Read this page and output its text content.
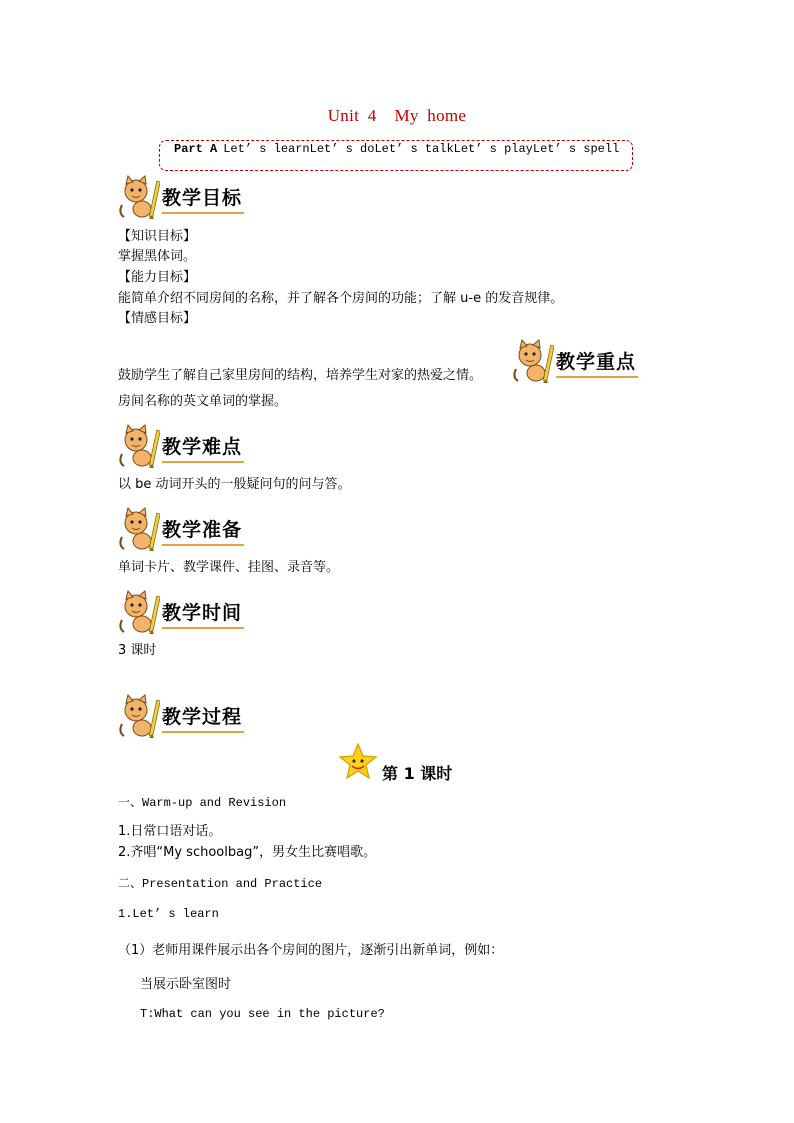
Unit 4 My home
Part A Let’ s learnLet’ s doLet’ s talkLet’ s playLet’ s spell
教学目标
【知识目标】
掌握黑体词。
【能力目标】
能简单介绍不同房间的名称，并了解各个房间的功能；了解 u-e 的发音规律。
【情感目标】
鼓励学生了解自己家里房间的结构，培养学生对家的热爱之情。
教学重点
房间名称的英文单词的掌握。
教学难点
以 be 动词开头的一般疑问句的问与答。
教学准备
单词卡片、教学课件、挂图、录音等。
教学时间
3 课时
教学过程
第 1 课时
一、Warm-up and Revision
1.日常口语对话。
2.齐唱“My schoolbag”，男女生比赛唱歌。
二、Presentation and Practice
1.Let’ s learn
（1）老师用课件展示出各个房间的图片，逐渐引出新单词，例如：
当展示卧室图时
T:What can you see in the picture?
